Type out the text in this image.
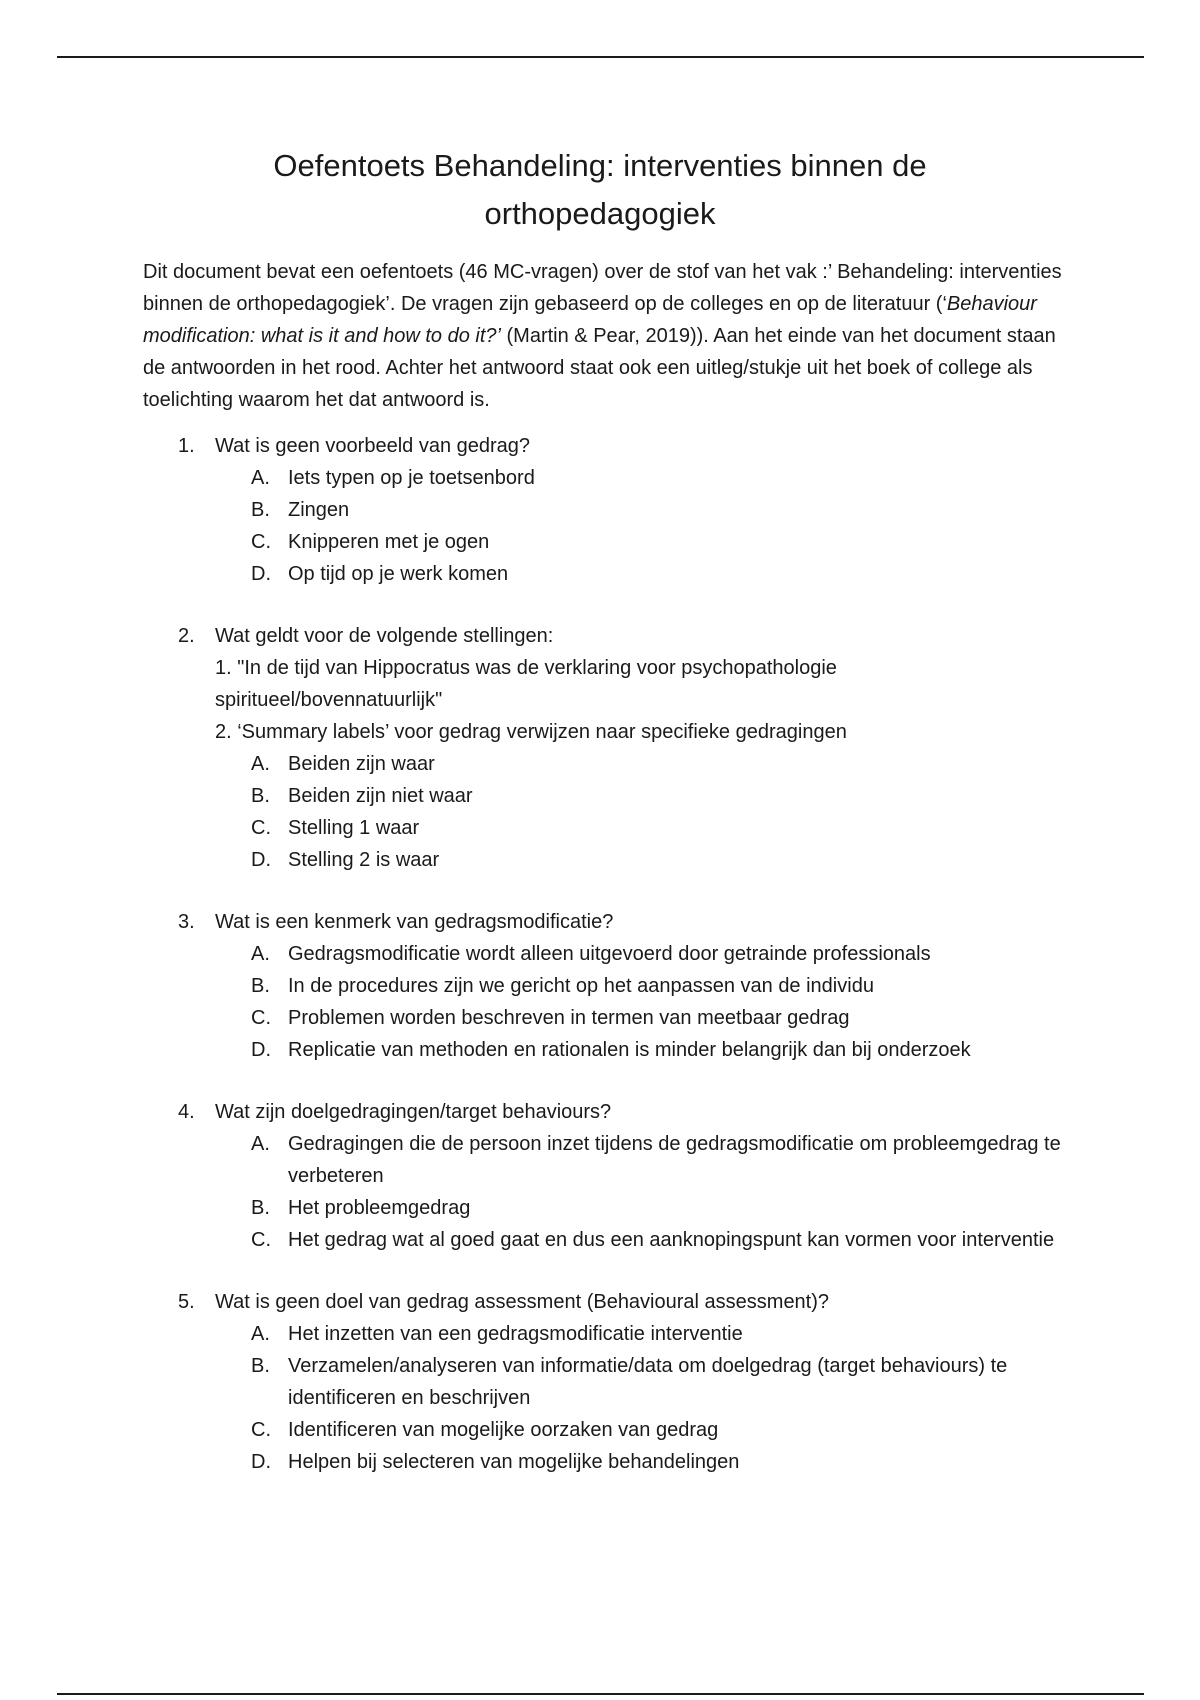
Oefentoets Behandeling: interventies binnen de orthopedagogiek

Dit document bevat een oefentoets (46 MC-vragen) over de stof van het vak :’ Behandeling: interventies binnen de orthopedagogiek’. De vragen zijn gebaseerd op de colleges en op de literatuur (‘Behaviour modification: what is it and how to do it?’ (Martin & Pear, 2019)). Aan het einde van het document staan de antwoorden in het rood. Achter het antwoord staat ook een uitleg/stukje uit het boek of college als toelichting waarom het dat antwoord is.

1. Wat is geen voorbeeld van gedrag?
A. Iets typen op je toetsenbord
B. Zingen
C. Knipperen met je ogen
D. Op tijd op je werk komen
2. Wat geldt voor de volgende stellingen:
1. "In de tijd van Hippocratus was de verklaring voor psychopathologie spiritueel/bovennatuurlijk"
2. ‘Summary labels’ voor gedrag verwijzen naar specifieke gedragingen
A. Beiden zijn waar
B. Beiden zijn niet waar
C. Stelling 1 waar
D. Stelling 2 is waar
3. Wat is een kenmerk van gedragsmodificatie?
A. Gedragsmodificatie wordt alleen uitgevoerd door getrainde professionals
B. In de procedures zijn we gericht op het aanpassen van de individu
C. Problemen worden beschreven in termen van meetbaar gedrag
D. Replicatie van methoden en rationalen is minder belangrijk dan bij onderzoek
4. Wat zijn doelgedragingen/target behaviours?
A. Gedragingen die de persoon inzet tijdens de gedragsmodificatie om probleemgedrag te verbeteren
B. Het probleemgedrag
C. Het gedrag wat al goed gaat en dus een aanknopingspunt kan vormen voor interventie
5. Wat is geen doel van gedrag assessment (Behavioural assessment)?
A. Het inzetten van een gedragsmodificatie interventie
B. Verzamelen/analyseren van informatie/data om doelgedrag (target behaviours) te identificeren en beschrijven
C. Identificeren van mogelijke oorzaken van gedrag
D. Helpen bij selecteren van mogelijke behandelingen
